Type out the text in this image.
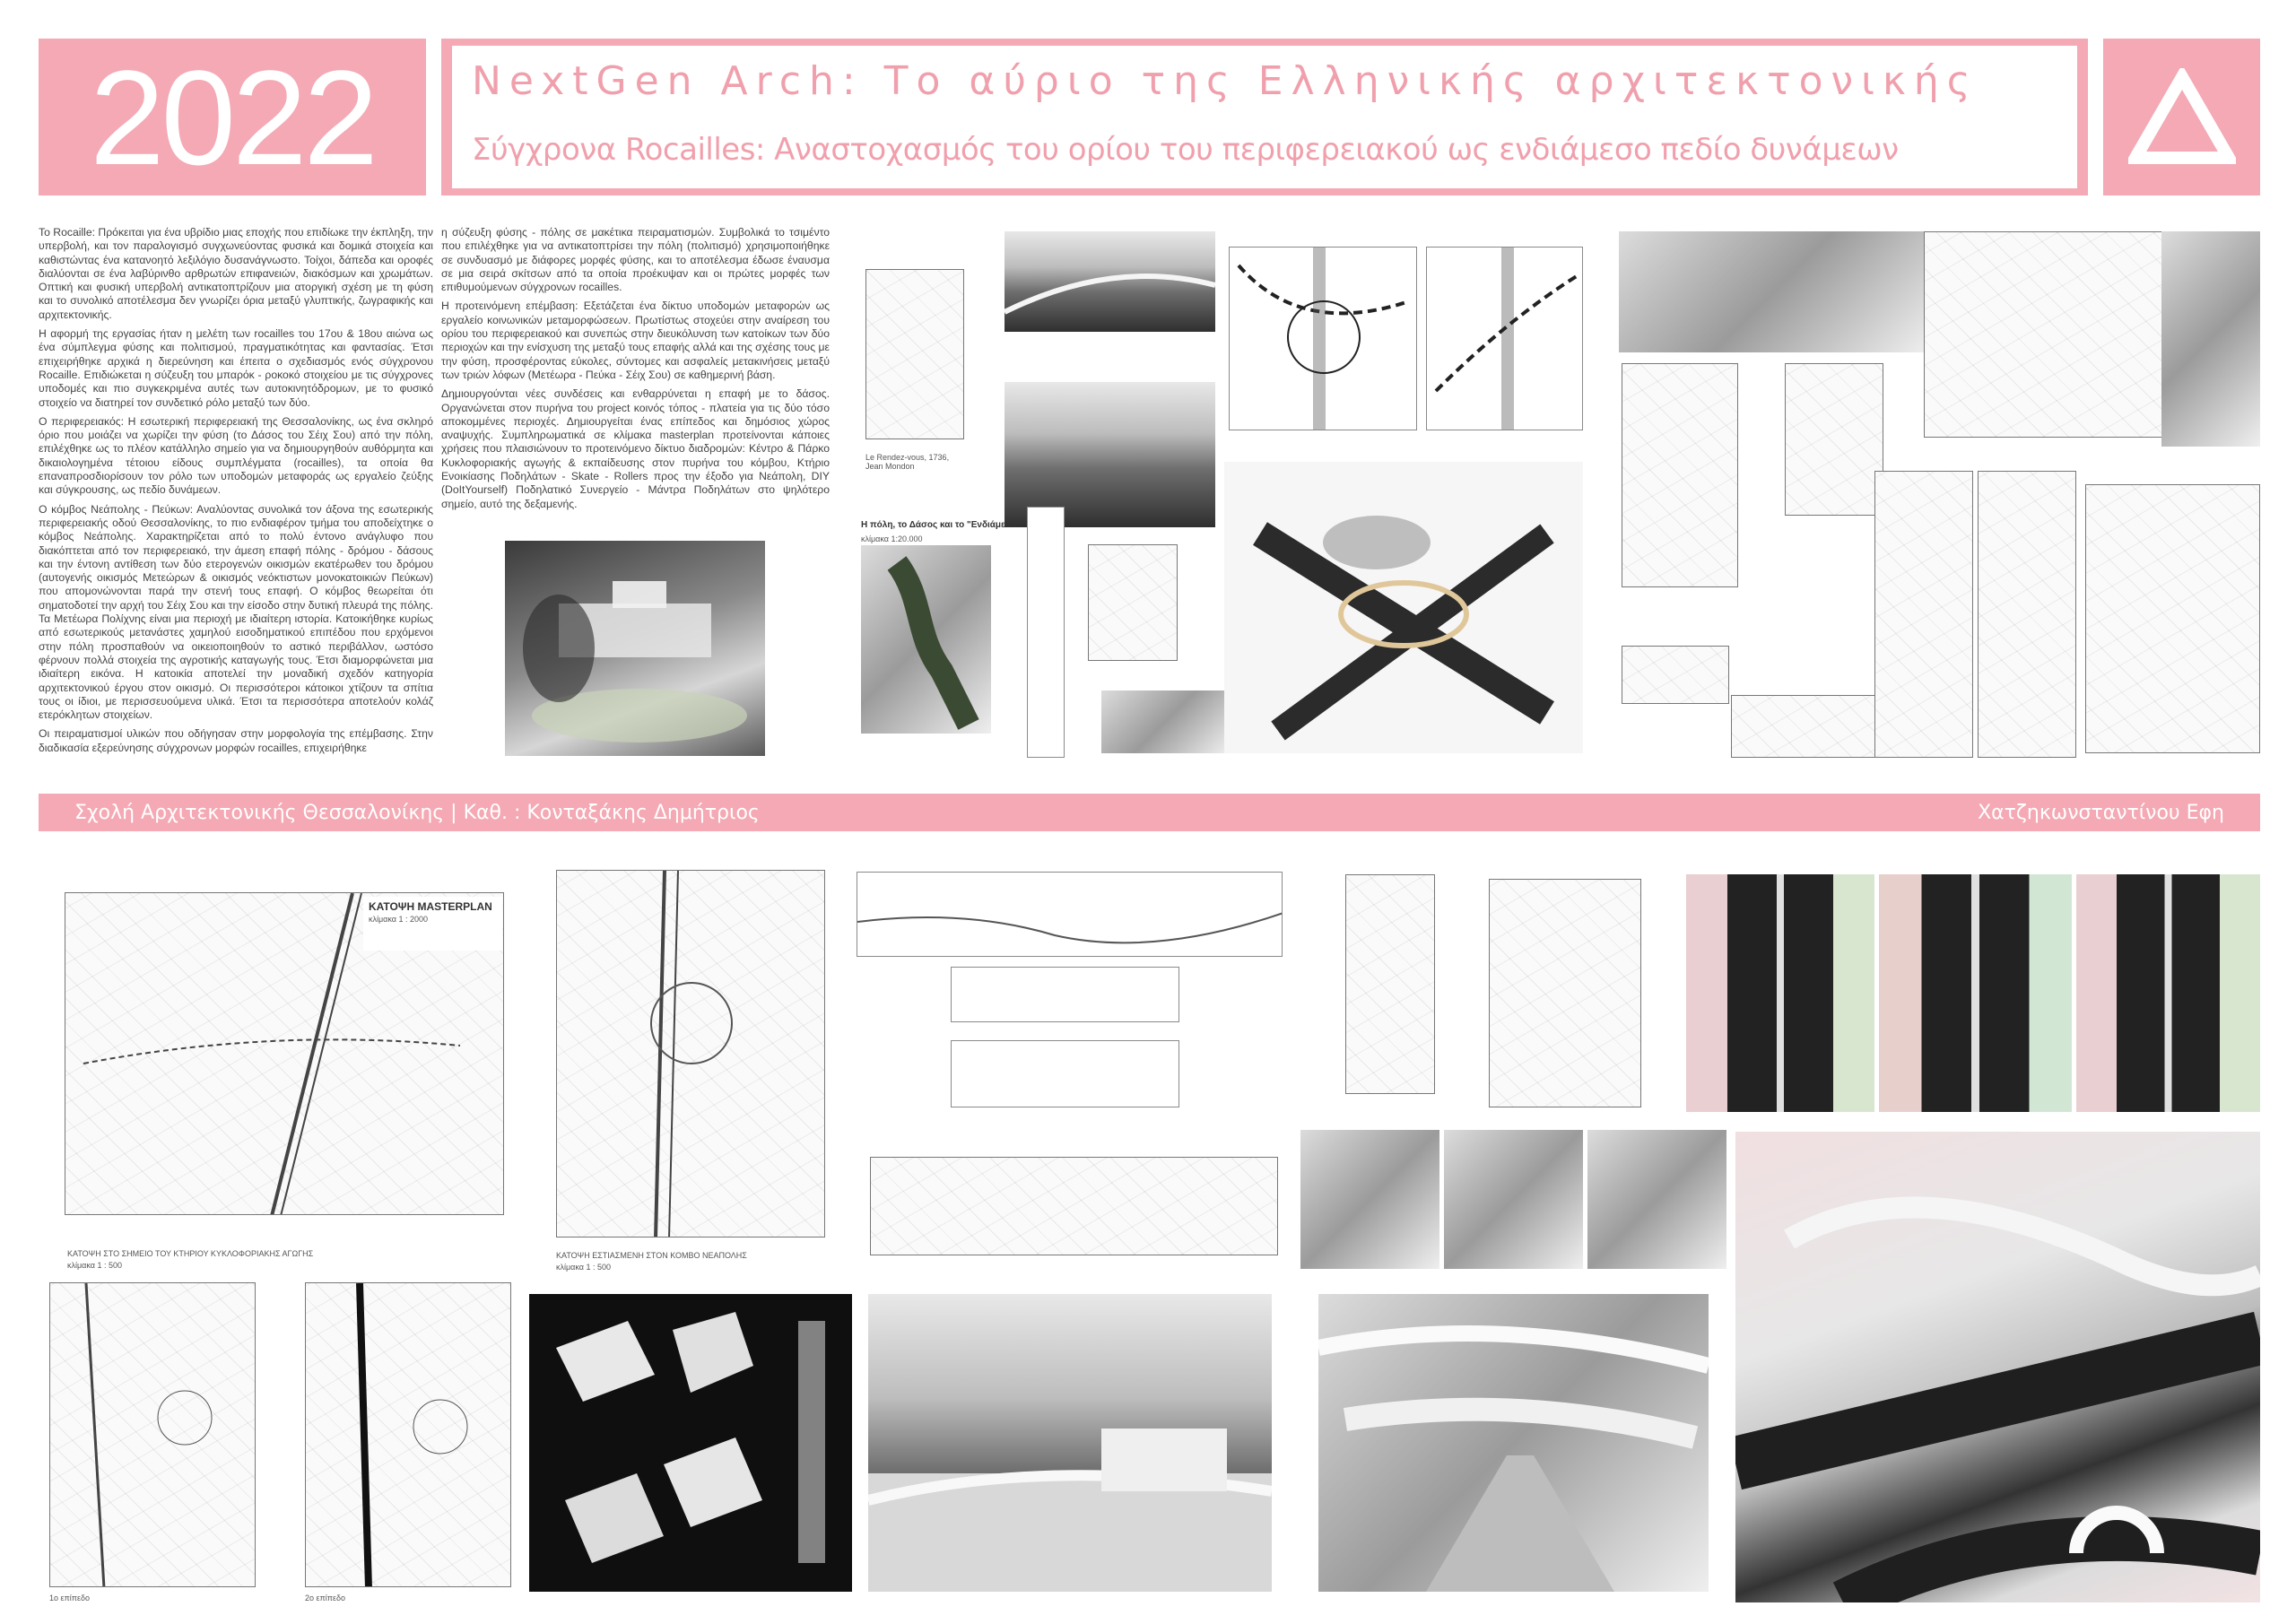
2022 NextGen Arch: Το αύριο της Ελληνικής αρχιτεκτονικής
Σύγχρονα Rocailles: Αναστοχασμός του ορίου του περιφερειακού ως ενδιάμεσο πεδίο δυνάμεων

Το Rocaille: Πρόκειται για ένα υβρίδιο μιας εποχής που επιδίωκε την έκπληξη, την υπερβολή, και τον παραλογισμό συγχωνεύοντας φυσικά και δομικά στοιχεία και καθιστώντας ένα κατανοητό λεξιλόγιο δυσανάγνωστο. Τοίχοι, δάπεδα και οροφές διαλύονται σε ένα λαβύρινθο αρθρωτών επιφανειών, διακόσμων και χρωμάτων. Οπτική και φυσική υπερβολή αντικατοπτρίζουν μια ατοργική σχέση με τη φύση και το συνολικό αποτέλεσμα δεν γνωρίζει όρια μεταξύ γλυπτικής, ζωγραφικής και αρχιτεκτονικής.

Η αφορμή της εργασίας ήταν η μελέτη των rocailles του 17ου & 18ου αιώνα ως ένα σύμπλεγμα φύσης και πολιτισμού, πραγματικότητας και φαντασίας. Έτσι επιχειρήθηκε αρχικά η διερεύνηση και έπειτα ο σχεδιασμός ενός σύγχρονου Rocaille. Επιδιώκεται η σύζευξη του μπαρόκ - ροκοκό στοιχείου με τις σύγχρονες υποδομές και πιο συγκεκριμένα αυτές των αυτοκινητόδρομων, με το φυσικό στοιχείο να διατηρεί τον συνδετικό ρόλο μεταξύ των δύο.

Ο περιφερειακός: Η εσωτερική περιφερειακή της Θεσσαλονίκης, ως ένα σκληρό όριο που μοιάζει να χωρίζει την φύση (το Δάσος του Σέιχ Σου) από την πόλη, επιλέχθηκε ως το πλέον κατάλληλο σημείο για να δημιουργηθούν αυθόρμητα και δικαιολογημένα τέτοιου είδους συμπλέγματα (rocailles), τα οποία θα επαναπροσδιορίσουν τον ρόλο των υποδομών μεταφοράς ως εργαλείο ζεύξης και σύγκρουσης, ως πεδίο δυνάμεων.

Ο κόμβος Νεάπολης - Πεύκων: Αναλύοντας συνολικά τον άξονα της εσωτερικής περιφερειακής οδού Θεσσαλονίκης, το πιο ενδιαφέρον τμήμα του αποδείχτηκε ο κόμβος Νεάπολης. Χαρακτηρίζεται από το πολύ έντονο ανάγλυφο που διακόπτεται από τον περιφερειακό, την άμεση επαφή πόλης - δρόμου - δάσους και την έντονη αντίθεση των δύο ετερογενών οικισμών εκατέρωθεν του δρόμου (αυτογενής οικισμός Μετεώρων & οικισμός νεόκτιστων μονοκατοικιών Πεύκων) που απομονώνονται παρά την στενή τους επαφή. Ο κόμβος θεωρείται ότι σηματοδοτεί την αρχή του Σέιχ Σου και την είσοδο στην δυτική πλευρά της πόλης. Τα Μετέωρα Πολίχνης είναι μια περιοχή με ιδιαίτερη ιστορία. Κατοικήθηκε κυρίως από εσωτερικούς μετανάστες χαμηλού εισοδηματικού επιπέδου που ερχόμενοι στην πόλη προσπαθούν να οικειοποιηθούν το αστικό περιβάλλον, ωστόσο φέρνουν πολλά στοιχεία της αγροτικής καταγωγής τους. Έτσι διαμορφώνεται μια ιδιαίτερη εικόνα. Η κατοικία αποτελεί την μοναδική σχεδόν κατηγορία αρχιτεκτονικού έργου στον οικισμό. Οι περισσότεροι κάτοικοι χτίζουν τα σπίτια τους οι ίδιοι, με περισσευούμενα υλικά. Έτσι τα περισσότερα αποτελούν κολάζ ετερόκλητων στοιχείων.

Οι πειραματισμοί υλικών που οδήγησαν στην μορφολογία της επέμβασης. Στην διαδικασία εξερεύνησης σύγχρονων μορφών rocailles, επιχειρήθηκε

η σύζευξη φύσης - πόλης σε μακέτικα πειραματισμών. Συμβολικά το τσιμέντο που επιλέχθηκε για να αντικατοπτρίσει την πόλη (πολιτισμό) χρησιμοποιήθηκε σε συνδυασμό με διάφορες μορφές φύσης, και το αποτέλεσμα έδωσε έναυσμα σε μια σειρά σκίτσων από τα οποία προέκυψαν και οι πρώτες μορφές των επιθυμούμενων σύγχρονων rocailles.

Η προτεινόμενη επέμβαση: Εξετάζεται ένα δίκτυο υποδομών μεταφορών ως εργαλείο κοινωνικών μεταμορφώσεων. Πρωτίστως στοχεύει στην αναίρεση του ορίου του περιφερειακού και συνεπώς στην διευκόλυνση των κατοίκων των δύο περιοχών και την ενίσχυση της μεταξύ τους επαφής αλλά και της σχέσης τους με την φύση, προσφέροντας εύκολες, σύντομες και ασφαλείς μετακινήσεις μεταξύ των τριών λόφων (Μετέωρα - Πεύκα - Σέιχ Σου) σε καθημερινή βάση.

Δημιουργούνται νέες συνδέσεις και ενθαρρύνεται η επαφή με το δάσος. Οργανώνεται στον πυρήνα του project κοινός τόπος - πλατεία για τις δύο τόσο αποκομμένες περιοχές. Δημιουργείται ένας επίπεδος και δημόσιος χώρος αναψυχής. Συμπληρωματικά σε κλίμακα masterplan προτείνονται κάποιες χρήσεις που πλαισιώνουν το προτεινόμενο δίκτυο διαδρομών: Κέντρο & Πάρκο Κυκλοφοριακής αγωγής & εκπαίδευσης στον πυρήνα του κόμβου, Κτήριο Ενοικίασης Ποδηλάτων - Skate - Rollers προς την έξοδο για Νεάπολη, DIY (DoItYourself) Ποδηλατικό Συνεργείο - Μάντρα Ποδηλάτων στο ψηλότερο σημείο, αυτό της δεξαμενής.

Le Rendez-vous, 1736,
Jean Mondon
Η πόλη, το Δάσος και το "Ενδιάμεσο"
κλίμακα 1:20.000
Σχολή Αρχιτεκτονικής Θεσσαλονίκης | Καθ. : Κονταξάκης Δημήτριος	Χατζηκωνσταντίνου Εφη
ΚΑΤΟΨΗ ΣΤΟ ΣΗΜΕΙΟ ΤΟΥ ΚΤΗΡΙΟΥ ΚΥΚΛΟΦΟΡΙΑΚΗΣ ΑΓΩΓΗΣ
κλίμακα 1 : 500
ΚΑΤΟΨΗ MASTERPLAN
κλίμακα 1 : 2000
ΚΑΤΟΨΗ ΕΣΤΙΑΣΜΕΝΗ ΣΤΟΝ ΚΟΜΒΟ ΝΕΑΠΟΛΗΣ
κλίμακα 1 : 500
1ο επίπεδο	2ο επίπεδο
